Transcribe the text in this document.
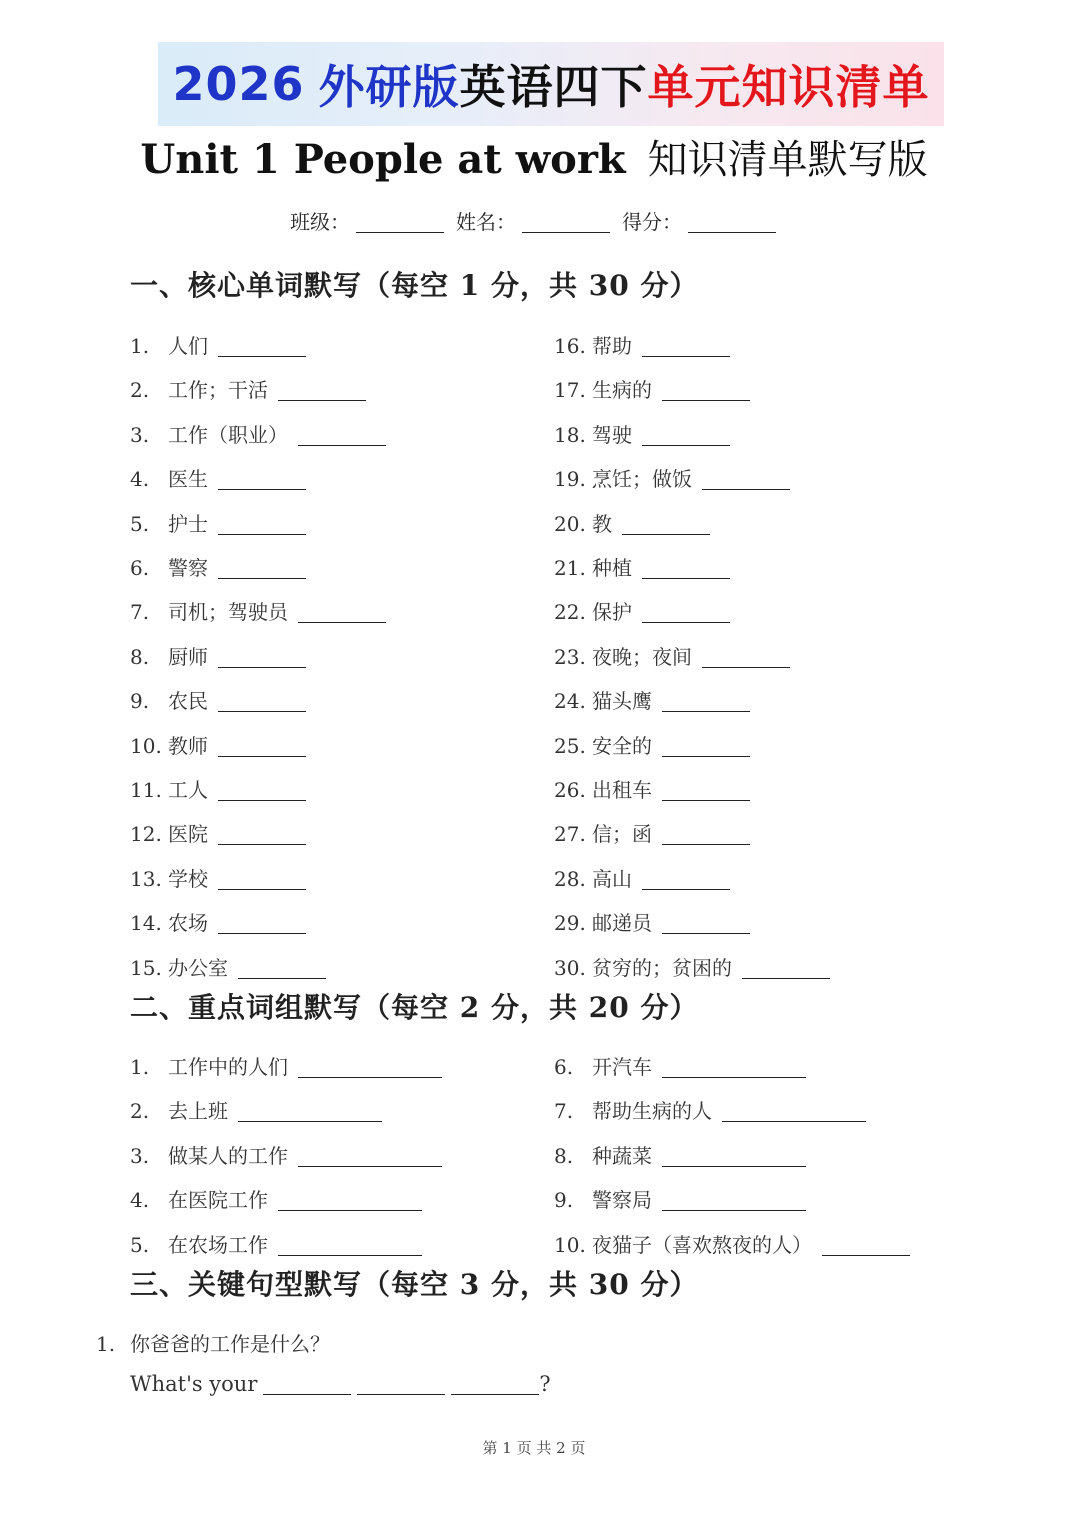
2026 外研版 英语四下 单元知识清单
Unit 1 People at work 知识清单默写版
班级：	姓名：	得分：
一、核心单词默写（每空 1 分，共 30 分）
1. 人们
2. 工作；干活
3. 工作（职业）
4. 医生
5. 护士
6. 警察
7. 司机；驾驶员
8. 厨师
9. 农民
10. 教师
11. 工人
12. 医院
13. 学校
14. 农场
15. 办公室
16. 帮助
17. 生病的
18. 驾驶
19. 烹饪；做饭
20. 教
21. 种植
22. 保护
23. 夜晚；夜间
24. 猫头鹰
25. 安全的
26. 出租车
27. 信；函
28. 高山
29. 邮递员
30. 贫穷的；贫困的
二、重点词组默写（每空 2 分，共 20 分）
1. 工作中的人们
2. 去上班
3. 做某人的工作
4. 在医院工作
5. 在农场工作
6. 开汽车
7. 帮助生病的人
8. 种蔬菜
9. 警察局
10. 夜猫子（喜欢熬夜的人）
三、关键句型默写（每空 3 分，共 30 分）
1. 你爸爸的工作是什么？
What's your	?
第 1 页 共 2 页
